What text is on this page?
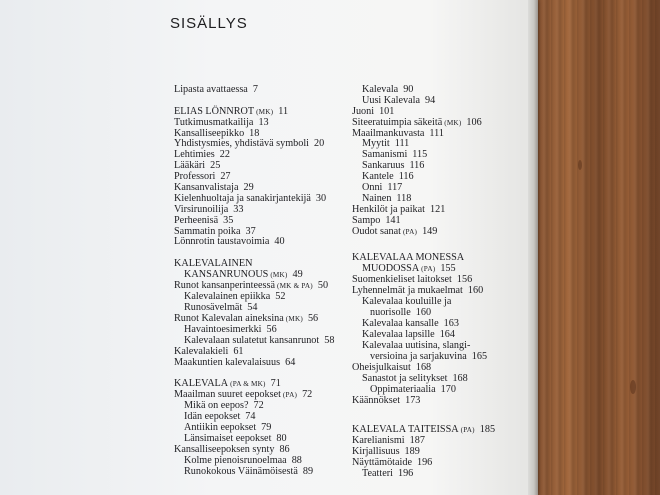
SISÄLLYS
Lipasta avattaessa 7
ELIAS LÖNNROT (MK) 11
Tutkimusmatkailija 13
Kansalliseepikko 18
Yhdistysmies, yhdistävä symboli 20
Lehtimies 22
Lääkäri 25
Professori 27
Kansanvalistaja 29
Kielenhuoltaja ja sanakirjantekijä 30
Virsirunoilija 33
Perheenisä 35
Sammatin poika 37
Lönnrotin taustavoimia 40
KALEVALAINEN
KANSANRUNOUS (MK) 49
Runot kansanperinteessä (MK & PA) 50
Kalevalainen epiikka 52
Runosävelmät 54
Runot Kalevalan aineksina (MK) 56
Havaintoesimerkki 56
Kalevalaan sulatetut kansanrunot 58
Kalevalakieli 61
Maakuntien kalevalaisuus 64
KALEVALA (PA & MK) 71
Maailman suuret eepokset (PA) 72
Mikä on eepos? 72
Idän eepokset 74
Antiikin eepokset 79
Länsimaiset eepokset 80
Kansalliseepoksen synty 86
Kolme pienoisrunoelmaa 88
Runokokous Väinämöisestä 89
Kalevala 90
Uusi Kalevala 94
Juoni 101
Siteeratuimpia säkeitä (MK) 106
Maailmankuvasta 111
Myytit 111
Samanismi 115
Sankaruus 116
Kantele 116
Onni 117
Nainen 118
Henkilöt ja paikat 121
Sampo 141
Oudot sanat (PA) 149
KALEVALAA MONESSA
MUODOSSA (PA) 155
Suomenkieliset laitokset 156
Lyhennelmät ja mukaelmat 160
Kalevalaa kouluille ja
nuorisolle 160
Kalevalaa kansalle 163
Kalevalaa lapsille 164
Kalevalaa uutisina, slangi-
versioina ja sarjakuvina 165
Oheisjulkaisut 168
Sanastot ja selitykset 168
Oppimateriaalia 170
Käännökset 173
KALEVALA TAITEISSA (PA) 185
Karelianismi 187
Kirjallisuus 189
Näyttämötaide 196
Teatteri 196
